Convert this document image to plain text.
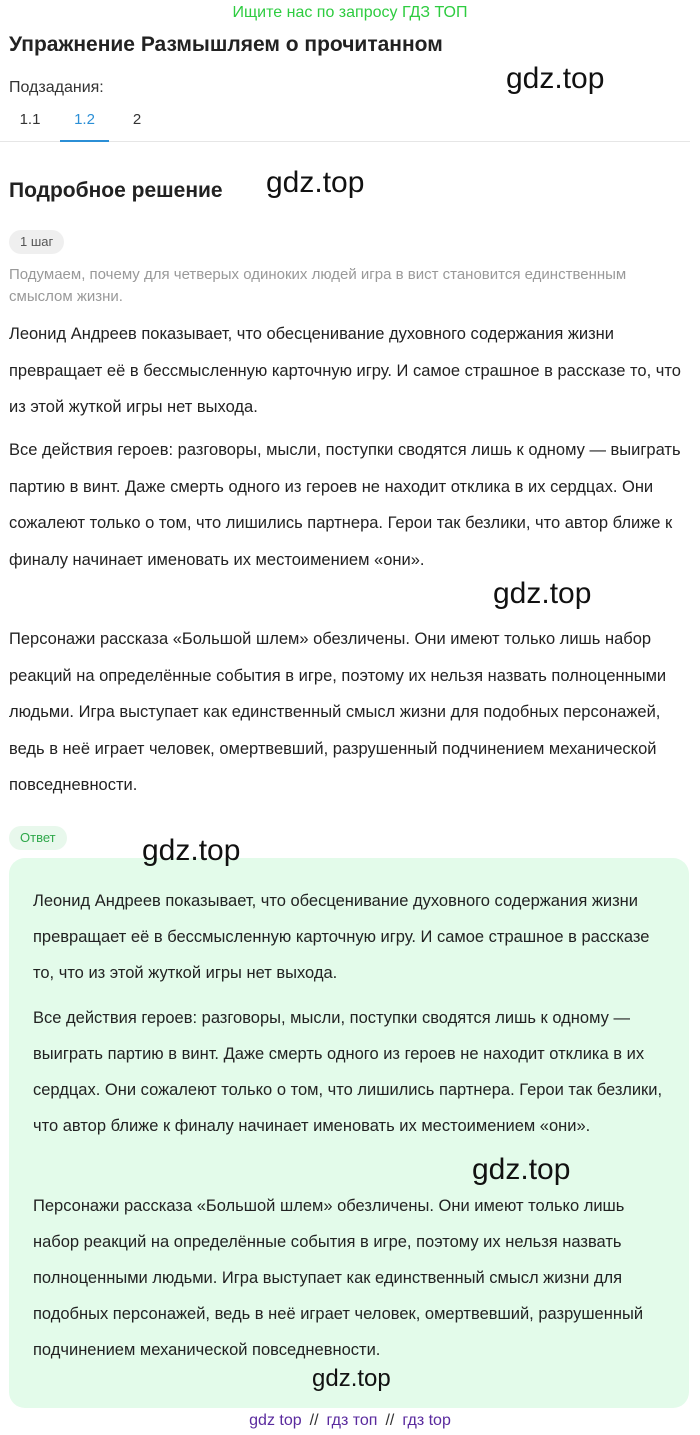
Ищите нас по запросу ГДЗ ТОП
Упражнение Размышляем о прочитанном
Подзадания:
1.1	1.2	2
Подробное решение
1 шаг
Подумаем, почему для четверых одиноких людей игра в вист становится единственным смыслом жизни.

Леонид Андреев показывает, что обесценивание духовного содержания жизни превращает её в бессмысленную карточную игру. И самое страшное в рассказе то, что из этой жуткой игры нет выхода.

Все действия героев: разговоры, мысли, поступки сводятся лишь к одному — выиграть партию в винт. Даже смерть одного из героев не находит отклика в их сердцах. Они сожалеют только о том, что лишились партнера. Герои так безлики, что автор ближе к финалу начинает именовать их местоимением «они».

Персонажи рассказа «Большой шлем» обезличены. Они имеют только лишь набор реакций на определённые события в игре, поэтому их нельзя назвать полноценными людьми. Игра выступает как единственный смысл жизни для подобных персонажей, ведь в неё играет человек, омертвевший, разрушенный подчинением механической повседневности.

Ответ

Леонид Андреев показывает, что обесценивание духовного содержания жизни превращает её в бессмысленную карточную игру. И самое страшное в рассказе то, что из этой жуткой игры нет выхода.

Все действия героев: разговоры, мысли, поступки сводятся лишь к одному — выиграть партию в винт. Даже смерть одного из героев не находит отклика в их сердцах. Они сожалеют только о том, что лишились партнера. Герои так безлики, что автор ближе к финалу начинает именовать их местоимением «они».

Персонажи рассказа «Большой шлем» обезличены. Они имеют только лишь набор реакций на определённые события в игре, поэтому их нельзя назвать полноценными людьми. Игра выступает как единственный смысл жизни для подобных персонажей, ведь в неё играет человек, омертвевший, разрушенный подчинением механической повседневности.

gdz.top
gdz.top
gdz.top
gdz.top
gdz.top
gdz.top
gdz top // гдз топ // гдз top
